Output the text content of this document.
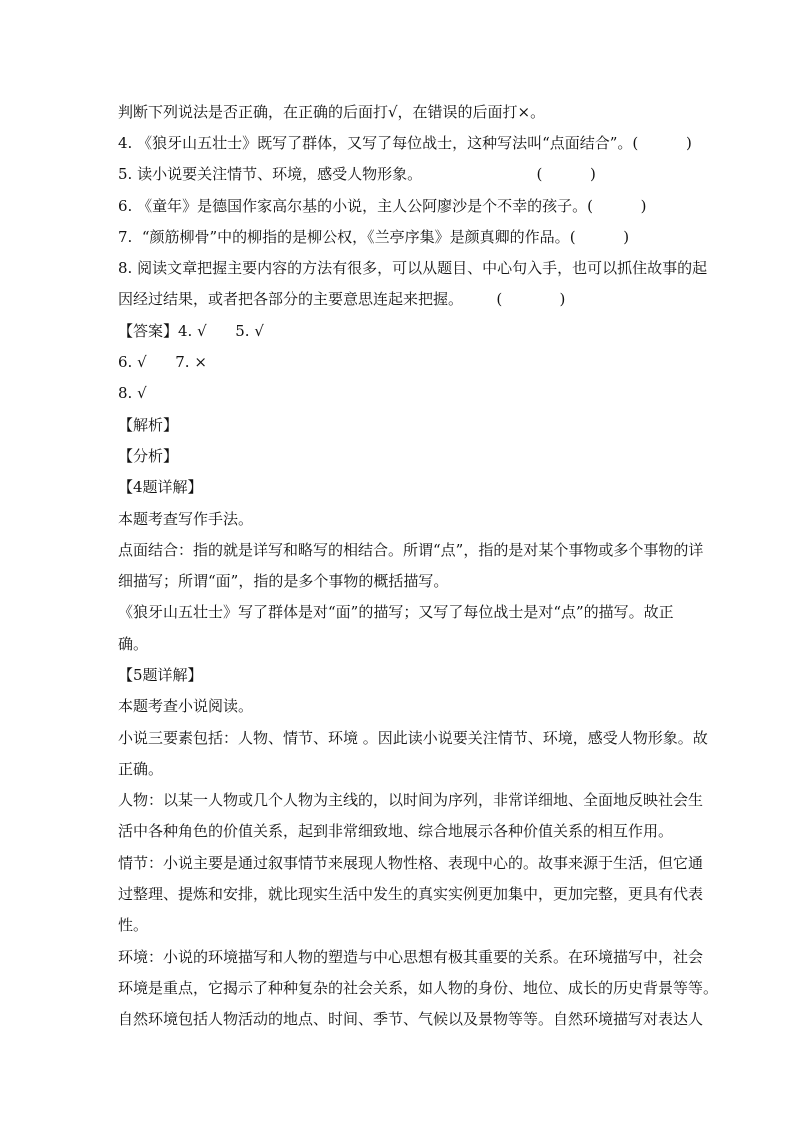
判断下列说法是否正确，在正确的后面打√，在错误的后面打×。
4. 《狼牙山五壮士》既写了群体，又写了每位战士，这种写法叫“点面结合”。(          )
5. 读小说要关注情节、环境，感受人物形象。                        (          )
6. 《童年》是德国作家高尔基的小说，主人公阿廖沙是个不幸的孩子。(          )
7.  “颜筋柳骨”中的柳指的是柳公权，《兰亭序集》是颜真卿的作品。(          )
8. 阅读文章把握主要内容的方法有很多，可以从题目、中心句入手，也可以抓住故事的起
因经过结果，或者把各部分的主要意思连起来把握。       (            )
【答案】4. √      5. √
6. √      7. ×
8. √
【解析】
【分析】
【4题详解】
本题考查写作手法。
点面结合：指的就是详写和略写的相结合。所谓“点”，指的是对某个事物或多个事物的详
细描写；所谓“面”，指的是多个事物的概括描写。
《狼牙山五壮士》写了群体是对“面”的描写；又写了每位战士是对“点”的描写。故正
确。
【5题详解】
本题考查小说阅读。
小说三要素包括：人物、情节、环境 。因此读小说要关注情节、环境，感受人物形象。故
正确。
人物：以某一人物或几个人物为主线的，以时间为序列，非常详细地、全面地反映社会生
活中各种角色的价值关系，起到非常细致地、综合地展示各种价值关系的相互作用。
情节：小说主要是通过叙事情节来展现人物性格、表现中心的。故事来源于生活，但它通
过整理、提炼和安排，就比现实生活中发生的真实实例更加集中，更加完整，更具有代表
性。
环境：小说的环境描写和人物的塑造与中心思想有极其重要的关系。在环境描写中，社会
环境是重点，它揭示了种种复杂的社会关系，如人物的身份、地位、成长的历史背景等等。
自然环境包括人物活动的地点、时间、季节、气候以及景物等等。自然环境描写对表达人
